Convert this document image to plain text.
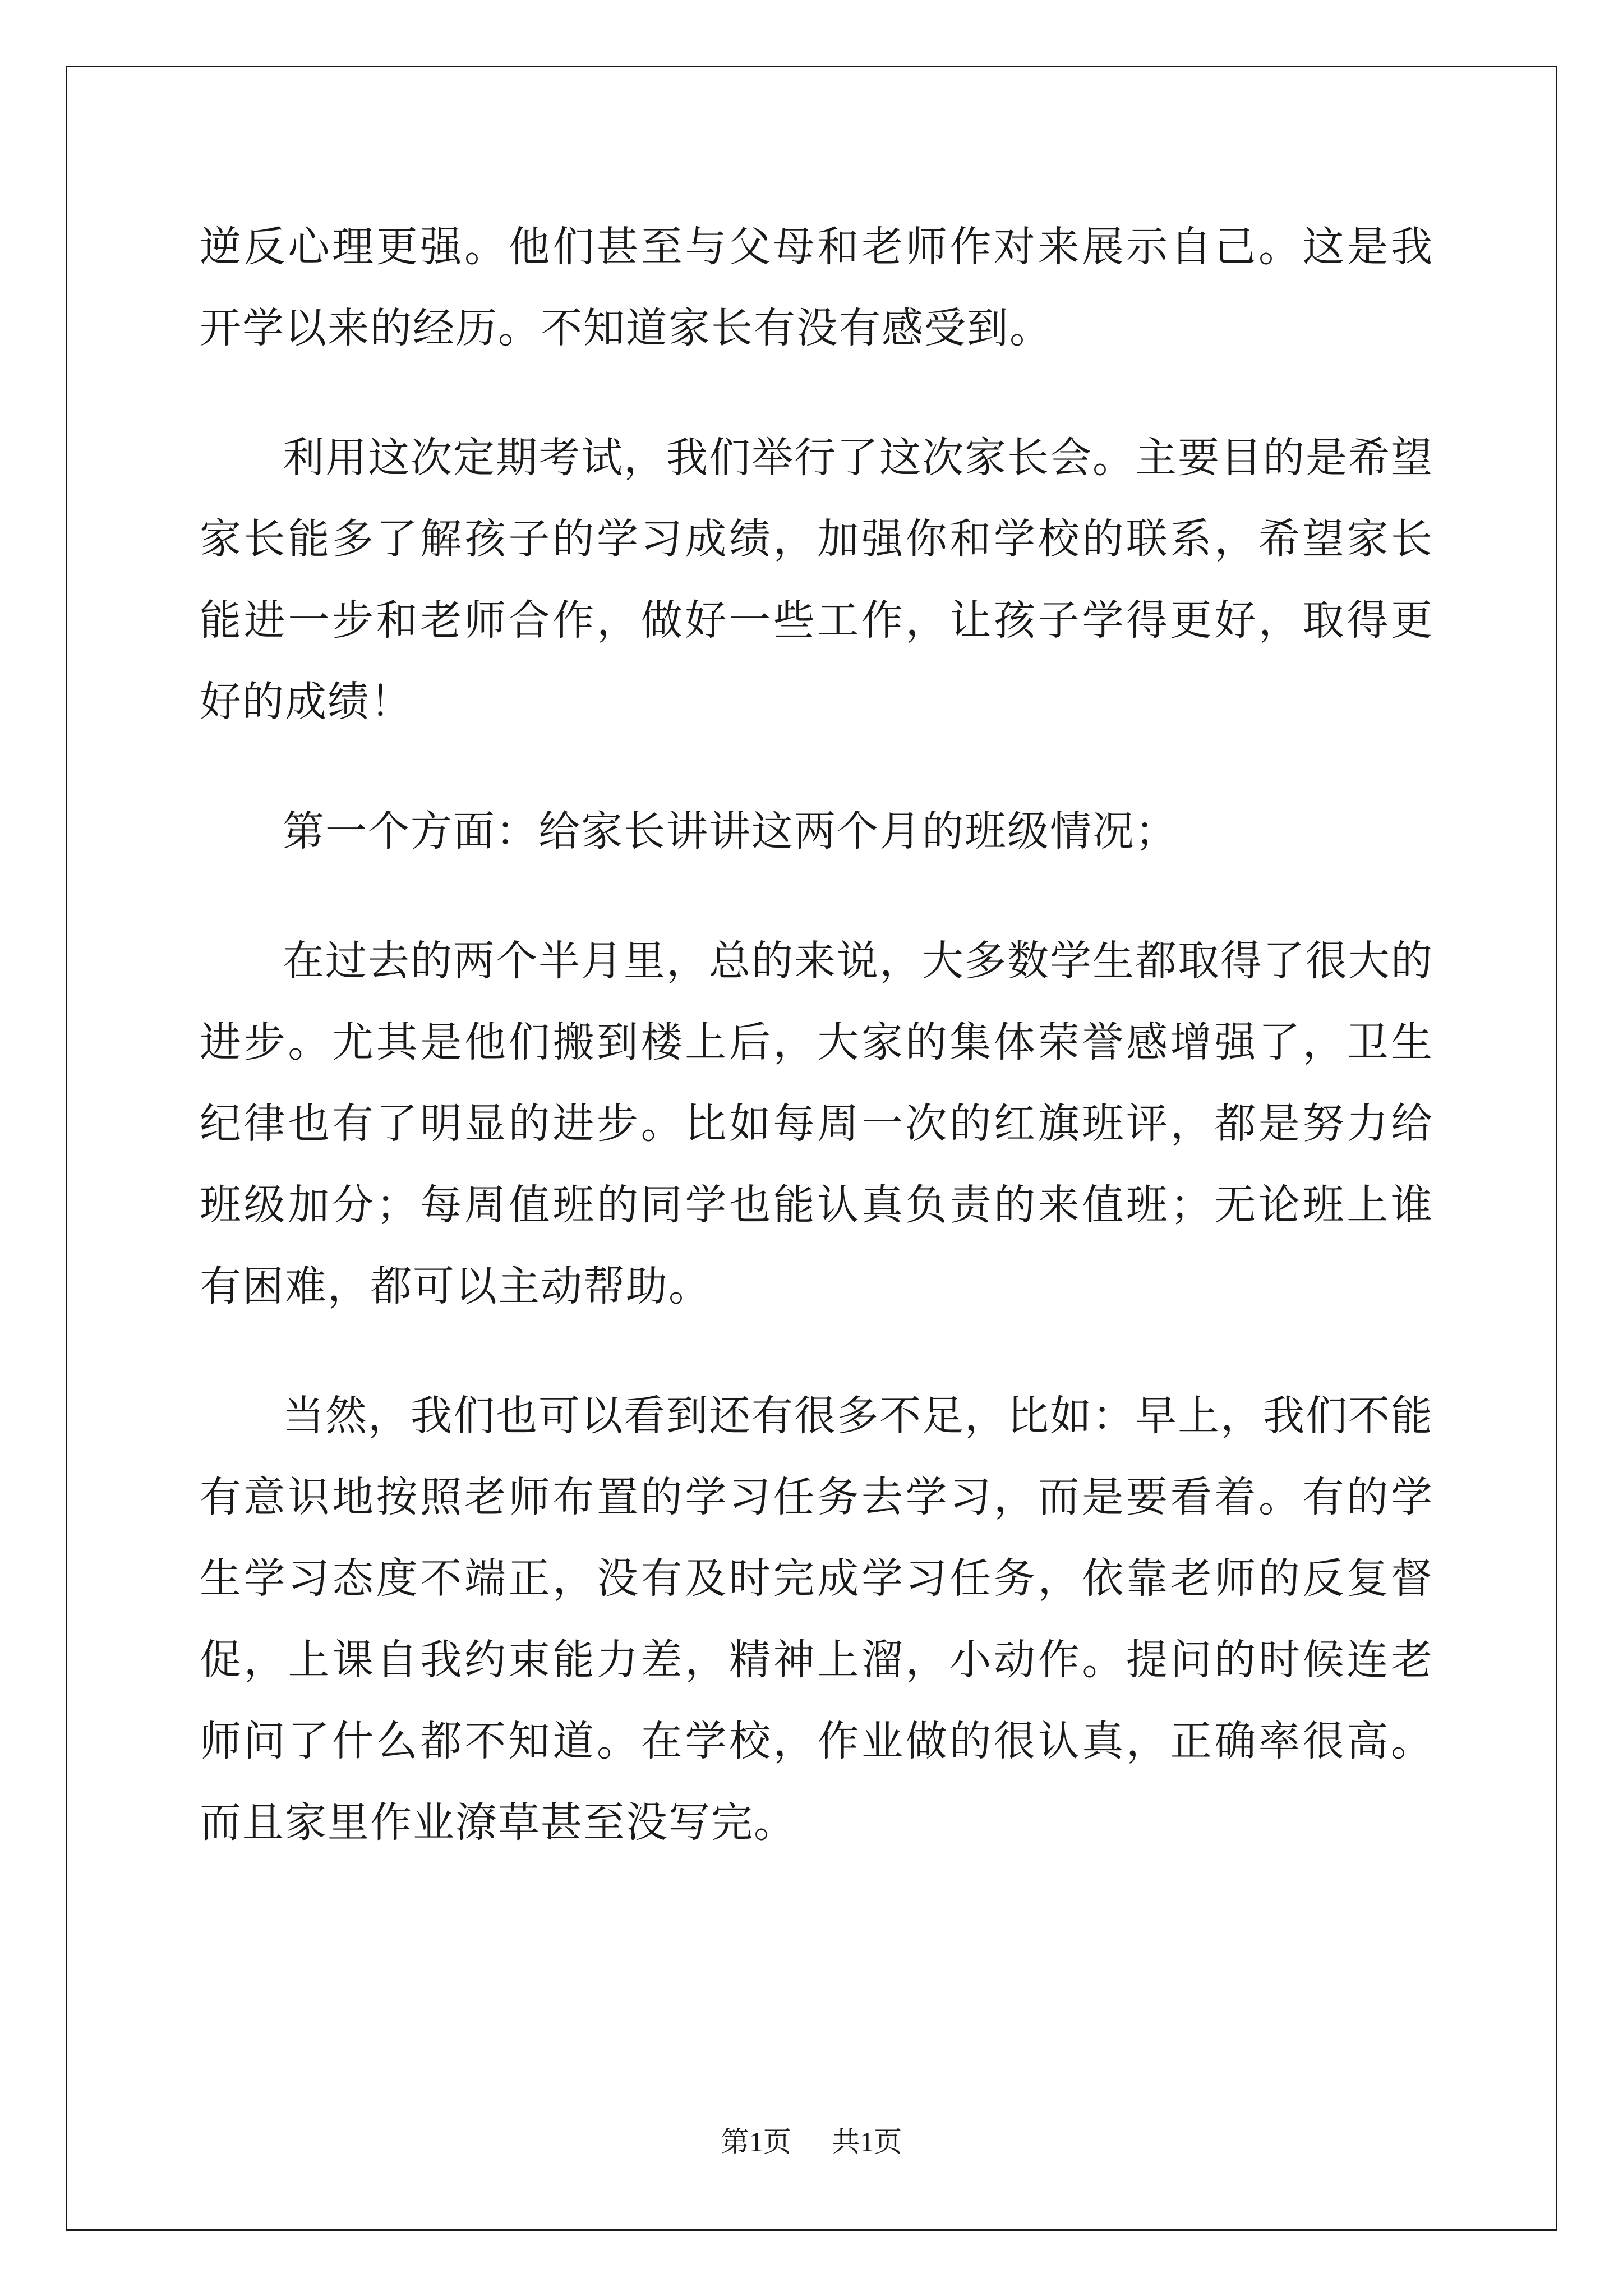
逆反心理更强。他们甚至与父母和老师作对来展示自己。这是我开学以来的经历。不知道家长有没有感受到。

利用这次定期考试，我们举行了这次家长会。主要目的是希望家长能多了解孩子的学习成绩，加强你和学校的联系，希望家长能进一步和老师合作，做好一些工作，让孩子学得更好，取得更好的成绩！

第一个方面：给家长讲讲这两个月的班级情况；

在过去的两个半月里，总的来说，大多数学生都取得了很大的进步。尤其是他们搬到楼上后，大家的集体荣誉感增强了，卫生纪律也有了明显的进步。比如每周一次的红旗班评，都是努力给班级加分；每周值班的同学也能认真负责的来值班；无论班上谁有困难，都可以主动帮助。

当然，我们也可以看到还有很多不足，比如：早上，我们不能有意识地按照老师布置的学习任务去学习，而是要看着。有的学生学习态度不端正，没有及时完成学习任务，依靠老师的反复督促，上课自我约束能力差，精神上溜，小动作。提问的时候连老师问了什么都不知道。在学校，作业做的很认真，正确率很高。而且家里作业潦草甚至没写完。

第1页 共1页
